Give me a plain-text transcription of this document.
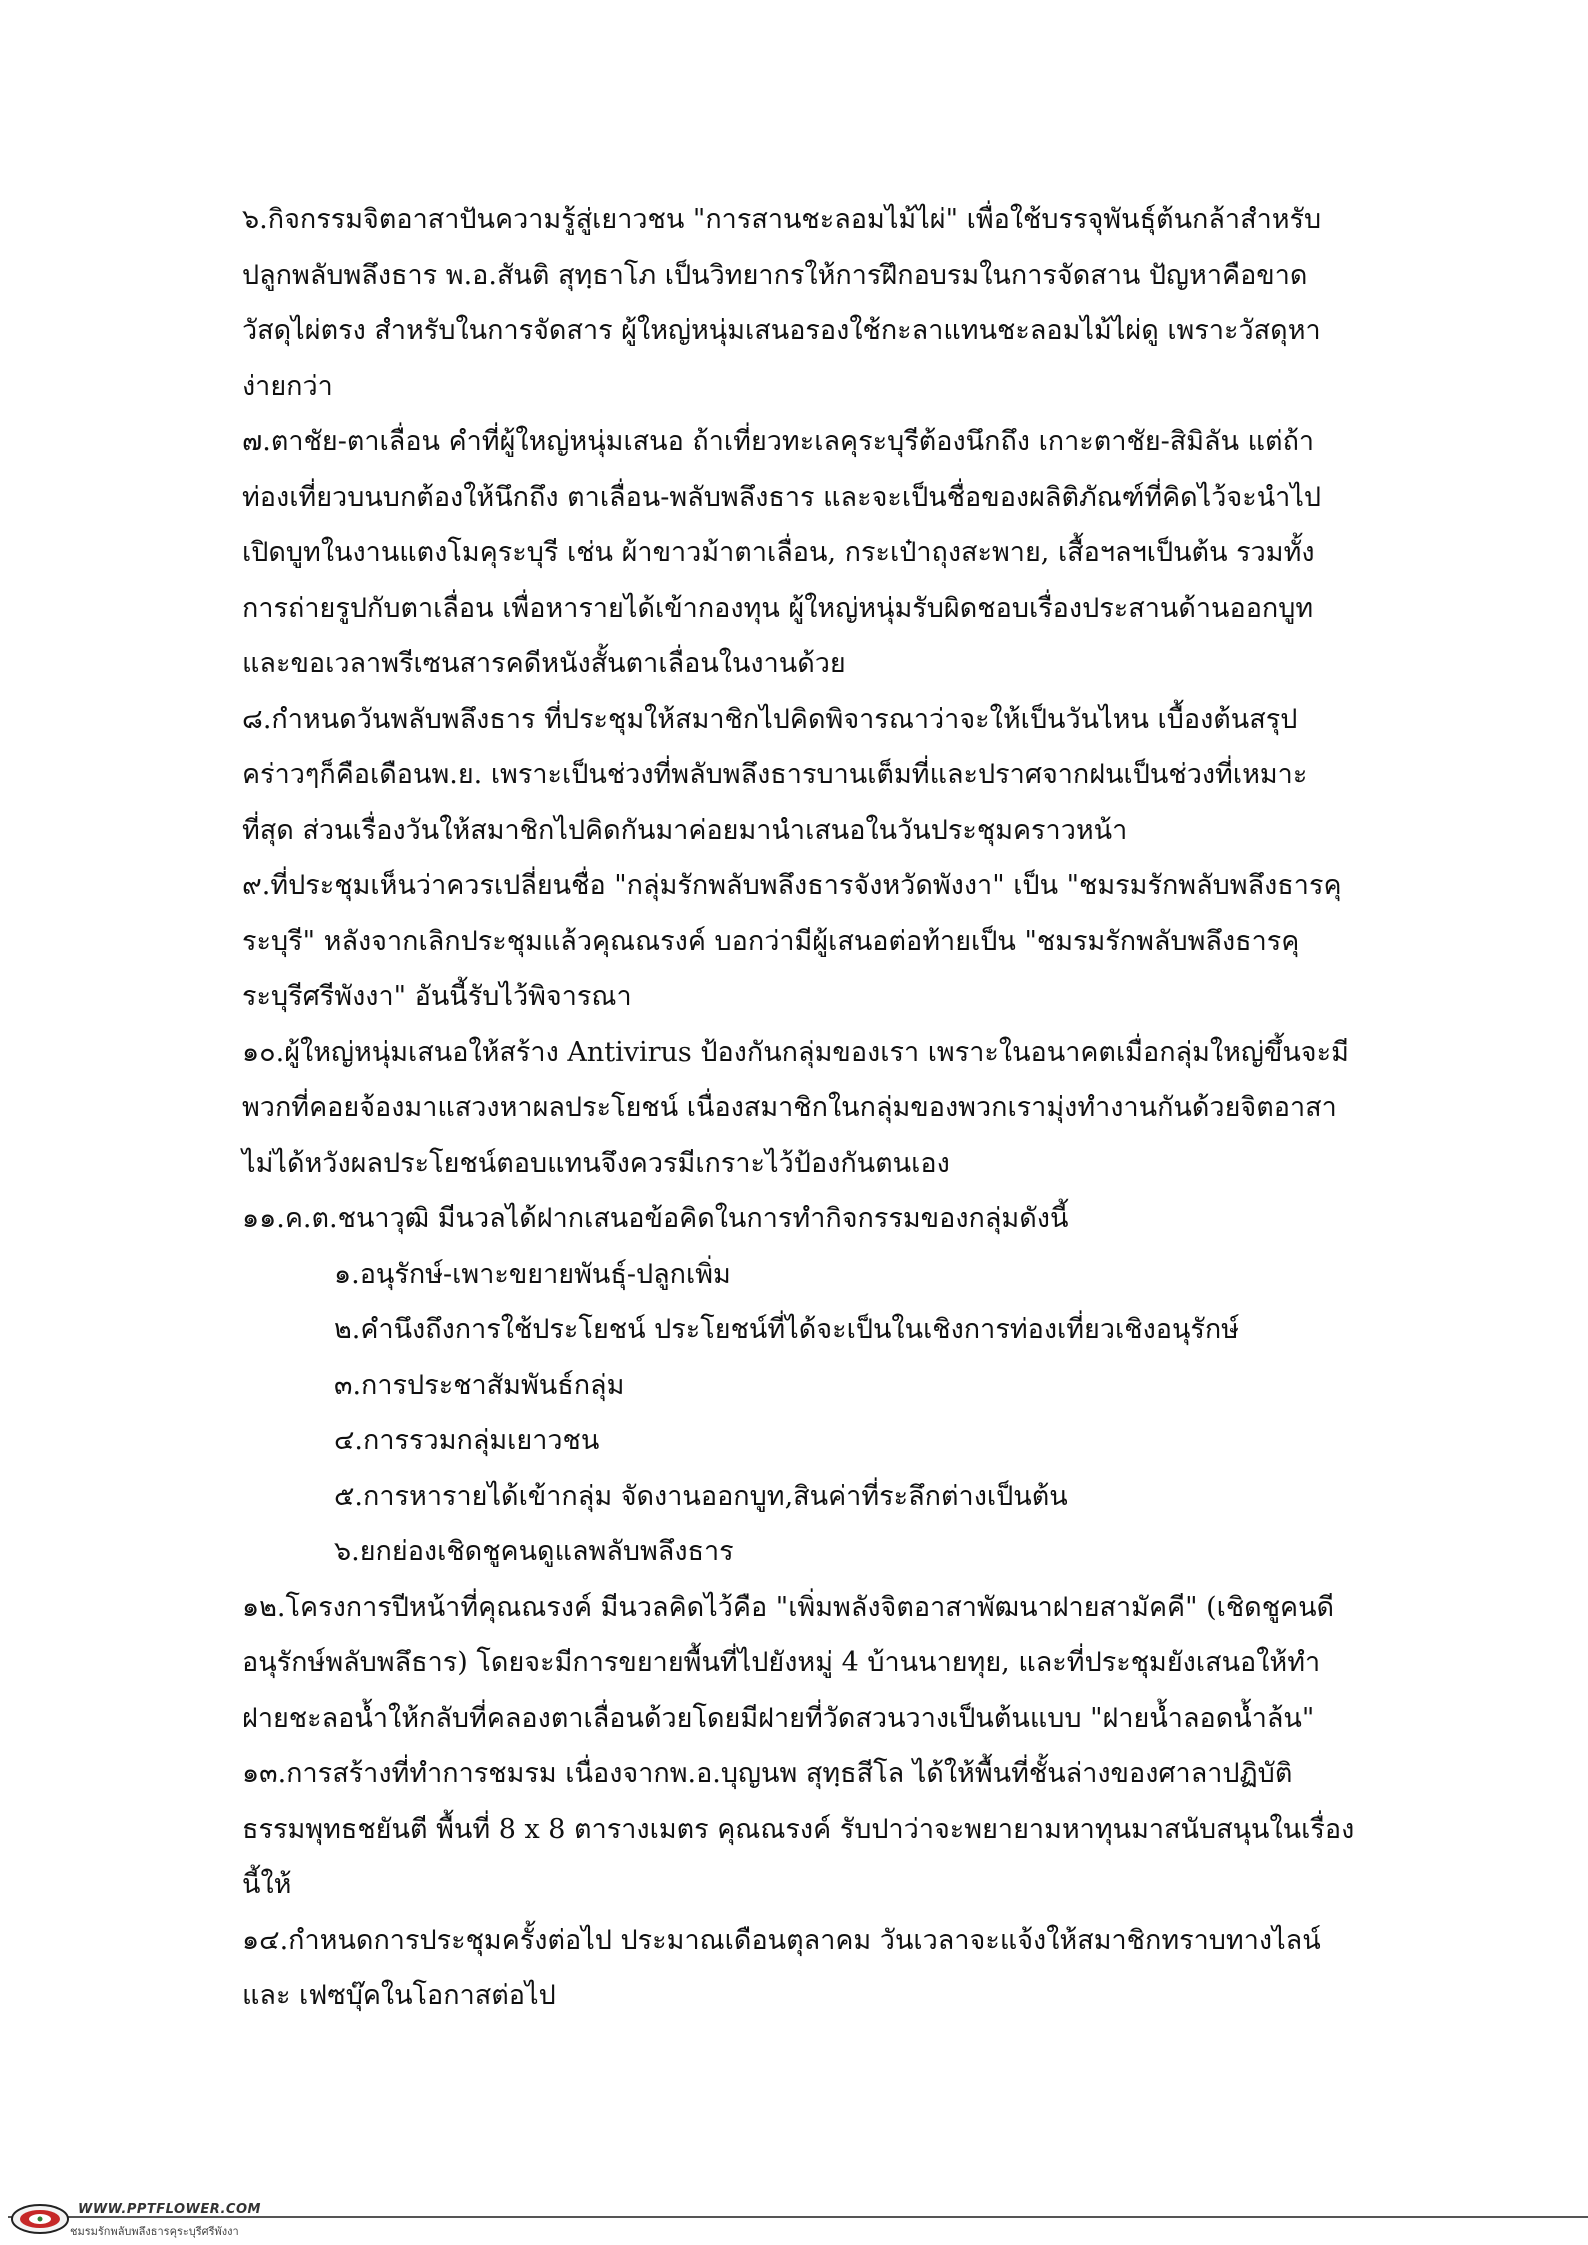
๖.กิจกรรมจิตอาสาปันความรู้สู่เยาวชน "การสานชะลอมไม้ไผ่" เพื่อใช้บรรจุพันธุ์ต้นกล้าสำหรับ
ปลูกพลับพลึงธาร พ.อ.สันติ สุทฺธาโภ เป็นวิทยากรให้การฝึกอบรมในการจัดสาน ปัญหาคือขาด
วัสดุไผ่ตรง สำหรับในการจัดสาร ผู้ใหญ่หนุ่มเสนอรองใช้กะลาแทนชะลอมไม้ไผ่ดู เพราะวัสดุหา
ง่ายกว่า

๗.ตาชัย-ตาเลื่อน คำที่ผู้ใหญ่หนุ่มเสนอ ถ้าเที่ยวทะเลคุระบุรีต้องนึกถึง เกาะตาชัย-สิมิลัน แต่ถ้า
ท่องเที่ยวบนบกต้องให้นึกถึง ตาเลื่อน-พลับพลึงธาร และจะเป็นชื่อของผลิติภัณฑ์ที่คิดไว้จะนำไป
เปิดบูทในงานแตงโมคุระบุรี เช่น ผ้าขาวม้าตาเลื่อน, กระเป๋าถุงสะพาย, เสื้อฯลฯเป็นต้น รวมทั้ง
การถ่ายรูปกับตาเลื่อน เพื่อหารายได้เข้ากองทุน ผู้ใหญ่หนุ่มรับผิดชอบเรื่องประสานด้านออกบูท
และขอเวลาพรีเซนสารคดีหนังสั้นตาเลื่อนในงานด้วย

๘.กำหนดวันพลับพลึงธาร ที่ประชุมให้สมาชิกไปคิดพิจารณาว่าจะให้เป็นวันไหน เบื้องต้นสรุป
คร่าวๆก็คือเดือนพ.ย. เพราะเป็นช่วงที่พลับพลึงธารบานเต็มที่และปราศจากฝนเป็นช่วงที่เหมาะ
ที่สุด ส่วนเรื่องวันให้สมาชิกไปคิดกันมาค่อยมานำเสนอในวันประชุมคราวหน้า

๙.ที่ประชุมเห็นว่าควรเปลี่ยนชื่อ "กลุ่มรักพลับพลึงธารจังหวัดพังงา" เป็น "ชมรมรักพลับพลึงธารคุ
ระบุรี" หลังจากเลิกประชุมแล้วคุณณรงค์ บอกว่ามีผู้เสนอต่อท้ายเป็น "ชมรมรักพลับพลึงธารคุ
ระบุรีศรีพังงา" อันนี้รับไว้พิจารณา

๑๐.ผู้ใหญ่หนุ่มเสนอให้สร้าง Antivirus ป้องกันกลุ่มของเรา เพราะในอนาคตเมื่อกลุ่มใหญ่ขึ้นจะมี
พวกที่คอยจ้องมาแสวงหาผลประโยชน์ เนื่องสมาชิกในกลุ่มของพวกเรามุ่งทำงานกันด้วยจิตอาสา
ไม่ได้หวังผลประโยชน์ตอบแทนจึงควรมีเกราะไว้ป้องกันตนเอง

๑๑.ค.ต.ชนาวุฒิ มีนวลได้ฝากเสนอข้อคิดในการทำกิจกรรมของกลุ่มดังนี้

๑.อนุรักษ์-เพาะขยายพันธุ์-ปลูกเพิ่ม
๒.คำนึงถึงการใช้ประโยชน์ ประโยชน์ที่ได้จะเป็นในเชิงการท่องเที่ยวเชิงอนุรักษ์
๓.การประชาสัมพันธ์กลุ่ม
๔.การรวมกลุ่มเยาวชน
๕.การหารายได้เข้ากลุ่ม จัดงานออกบูท,สินค่าที่ระลึกต่างเป็นต้น
๖.ยกย่องเชิดชูคนดูแลพลับพลึงธาร

๑๒.โครงการปีหน้าที่คุณณรงค์ มีนวลคิดไว้คือ "เพิ่มพลังจิตอาสาพัฒนาฝายสามัคคี" (เชิดชูคนดี
อนุรักษ์พลับพลึธาร) โดยจะมีการขยายพื้นที่ไปยังหมู่ 4 บ้านนายทุย, และที่ประชุมยังเสนอให้ทำ
ฝายชะลอน้ำให้กลับที่คลองตาเลื่อนด้วยโดยมีฝายที่วัดสวนวางเป็นต้นแบบ "ฝายน้ำลอดน้ำล้น"

๑๓.การสร้างที่ทำการชมรม เนื่องจากพ.อ.บุญนพ สุทฺธสีโล ได้ให้พื้นที่ชั้นล่างของศาลาปฏิบัติ
ธรรมพุทธชยันตี พื้นที่ 8 x 8 ตารางเมตร คุณณรงค์ รับปาว่าจะพยายามหาทุนมาสนับสนุนในเรื่อง
นี้ให้

๑๔.กำหนดการประชุมครั้งต่อไป ประมาณเดือนตุลาคม วันเวลาจะแจ้งให้สมาชิกทราบทางไลน์
และ เฟซบุ๊คในโอกาสต่อไป

WWW.PPTFLOWER.COM
ชมรมรักพลับพลึงธารคุระบุรีศรีพังงา
